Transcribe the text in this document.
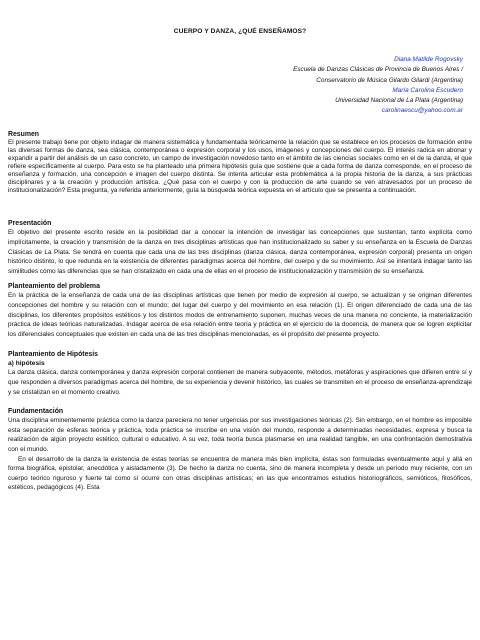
CUERPO Y DANZA, ¿QUÉ ENSEÑAMOS?
Diana Matilde Rogovsky
Escuela de Danzas Clásicas de Provincia de Buenos Aires /
Conservatorio de Música Gilardo Gilardi (Argentina)
María Carolina Escudero
Universidad Nacional de La Plata (Argentina)
carolinaescu@yahoo.com.ar
Resumen

El presente trabajo tiene por objeto indagar de manera sistemática y fundamentada teóricamente la relación que se establece en los procesos de formación entre las diversas formas de danza, sea clásica, contemporánea o expresión corporal y los usos, imágenes y concepciones del cuerpo. El interés radica en abonar y expandir a partir del análisis de un caso concreto, un campo de investigación novedoso tanto en el ámbito de las ciencias sociales como en el de la danza, el que refiere específicamente al cuerpo. Para esto se ha planteado una primera hipótesis guía que sostiene que a cada forma de danza corresponde, en el proceso de enseñanza y formación, una concepción e imagen del cuerpo distinta. Se intenta articular esta problemática a la propia historia de la danza, a sus prácticas disciplinares y a la creación y producción artística. ¿Qué pasa con el cuerpo y con la producción de arte cuando se ven atravesados por un proceso de institucionalización? Esta pregunta, ya referida anteriormente, guía la búsqueda teórica expuesta en el artículo que se presenta a continuación.

Presentación

El objetivo del presente escrito reside en la posibilidad dar a conocer la intención de investigar las concepciones que sustentan, tanto explícita como implícitamente, la creación y transmisión de la danza en tres disciplinas artísticas que han institucionalizado su saber y su enseñanza en la Escuela de Danzas Clásicas de La Plata. Se tendrá en cuenta que cada una de las tres disciplinas (danza clásica, danza contemporánea, expresión corporal) presenta un origen histórico distinto, lo que redunda en la existencia de diferentes paradigmas acerca del hombre, del cuerpo y de su movimiento. Así se intentará indagar tanto las similitudes cómo las diferencias que se han cristalizado en cada una de ellas en el proceso de institucionalización y transmisión de su enseñanza.

Planteamiento del problema

En la práctica de la enseñanza de cada una de las disciplinas artísticas que tienen por medio de expresión al cuerpo, se actualizan y se originan diferentes concepciones del hombre y su relación con el mundo; del lugar del cuerpo y del movimiento en esa relación (1). El origen diferenciado de cada una de las disciplinas, los diferentes propósitos estéticos y los distintos modos de entrenamiento suponen, muchas veces de una manera no conciente, la materialización práctica de ideas teóricas naturalizadas. Indagar acerca de esa relación entre teoría y práctica en el ejercicio de la docencia, de manera que se logren explicitar los diferenciales conceptuales que existen en cada una de las tres disciplinas mencionadas, es el propósito del presente proyecto.

Planteamiento de Hipótesis
a) hipótesis

La danza clásica, danza contemporánea y danza expresión corporal contienen de manera subyacente, métodos, metáforas y aspiraciones que difieren entre sí y que responden a diversos paradigmas acerca del hombre, de su experiencia y devenir histórico, las cuales se transmiten en el proceso de enseñanza-aprendizaje y se cristalizan en el momento creativo.

Fundamentación

Una disciplina eminentemente práctica como la danza pareciera no tener urgencias por sus investigaciones teóricas (2). Sin embargo, en el hombre es imposible esta separación de esferas teórica y práctica, toda práctica se inscribe en una visión del mundo, responde a determinadas necesidades, expresa y busca la realización de algún proyecto estético, cultural o educativo. A su vez, toda teoría busca plasmarse en una realidad tangible, en una confrontación demostrativa con el mundo.

En el desarrollo de la danza la existencia de estas teorías se encuentra de manera más bien implícita, éstas son formuladas eventualmente aquí y allá en forma biográfica, epistolar, anecdótica y aisladamente (3). De hecho la danza no cuenta, sino de manera incompleta y desde un período muy reciente, con un cuerpo teórico riguroso y fuerte tal como sí ocurre con otras disciplinas artísticas; en las que encontramos estudios historiográficos, semióticos, filosóficos, estéticos, pedagógicos (4). Esta
